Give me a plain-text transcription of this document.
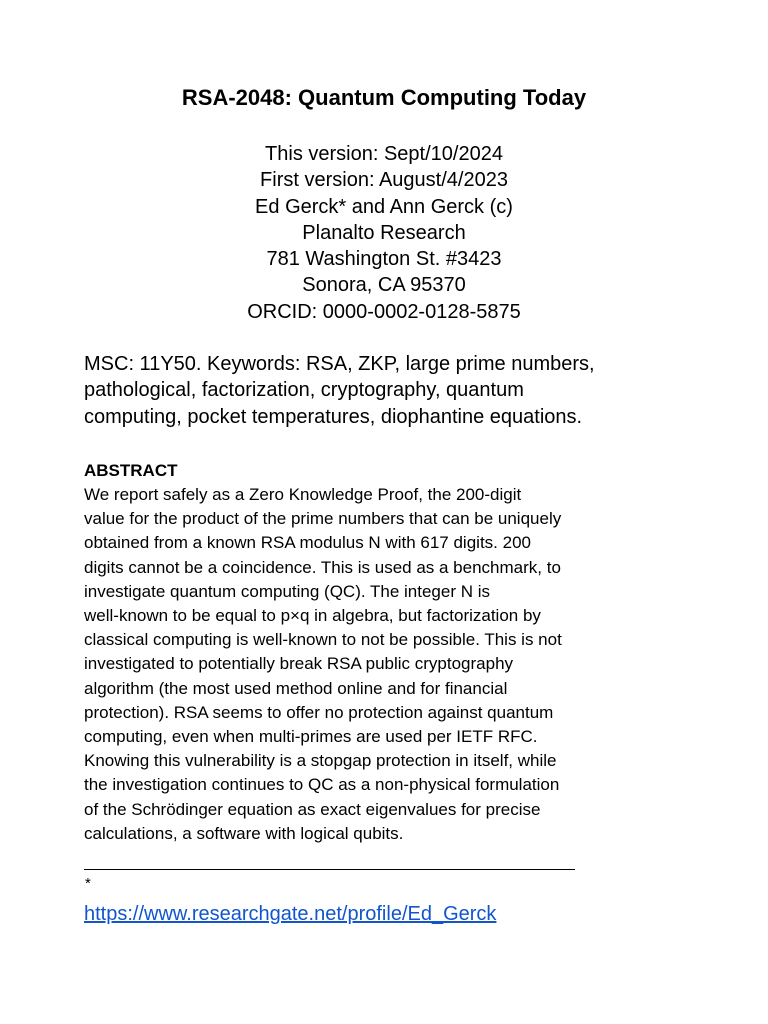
RSA-2048: Quantum Computing Today
This version: Sept/10/2024
First version: August/4/2023
Ed Gerck* and Ann Gerck (c)
Planalto Research
781 Washington St. #3423
Sonora, CA 95370
ORCID: 0000-0002-0128-5875
MSC: 11Y50. Keywords: RSA, ZKP, large prime numbers,
pathological, factorization, cryptography, quantum
computing, pocket temperatures, diophantine equations.
ABSTRACT
We report safely as a Zero Knowledge Proof, the 200-digit
value for the product of the prime numbers that can be uniquely
obtained from a known RSA modulus N with 617 digits. 200
digits cannot be a coincidence. This is used as a benchmark, to
investigate quantum computing (QC). The integer N is
well-known to be equal to p×q in algebra, but factorization by
classical computing is well-known to not be possible. This is not
investigated to potentially break RSA public cryptography
algorithm (the most used method online and for financial
protection). RSA seems to offer no protection against quantum
computing, even when multi-primes are used per IETF RFC.
Knowing this vulnerability is a stopgap protection in itself, while
the investigation continues to QC as a non-physical formulation
of the Schrödinger equation as exact eigenvalues for precise
calculations, a software with logical qubits.
*
https://www.researchgate.net/profile/Ed_Gerck
